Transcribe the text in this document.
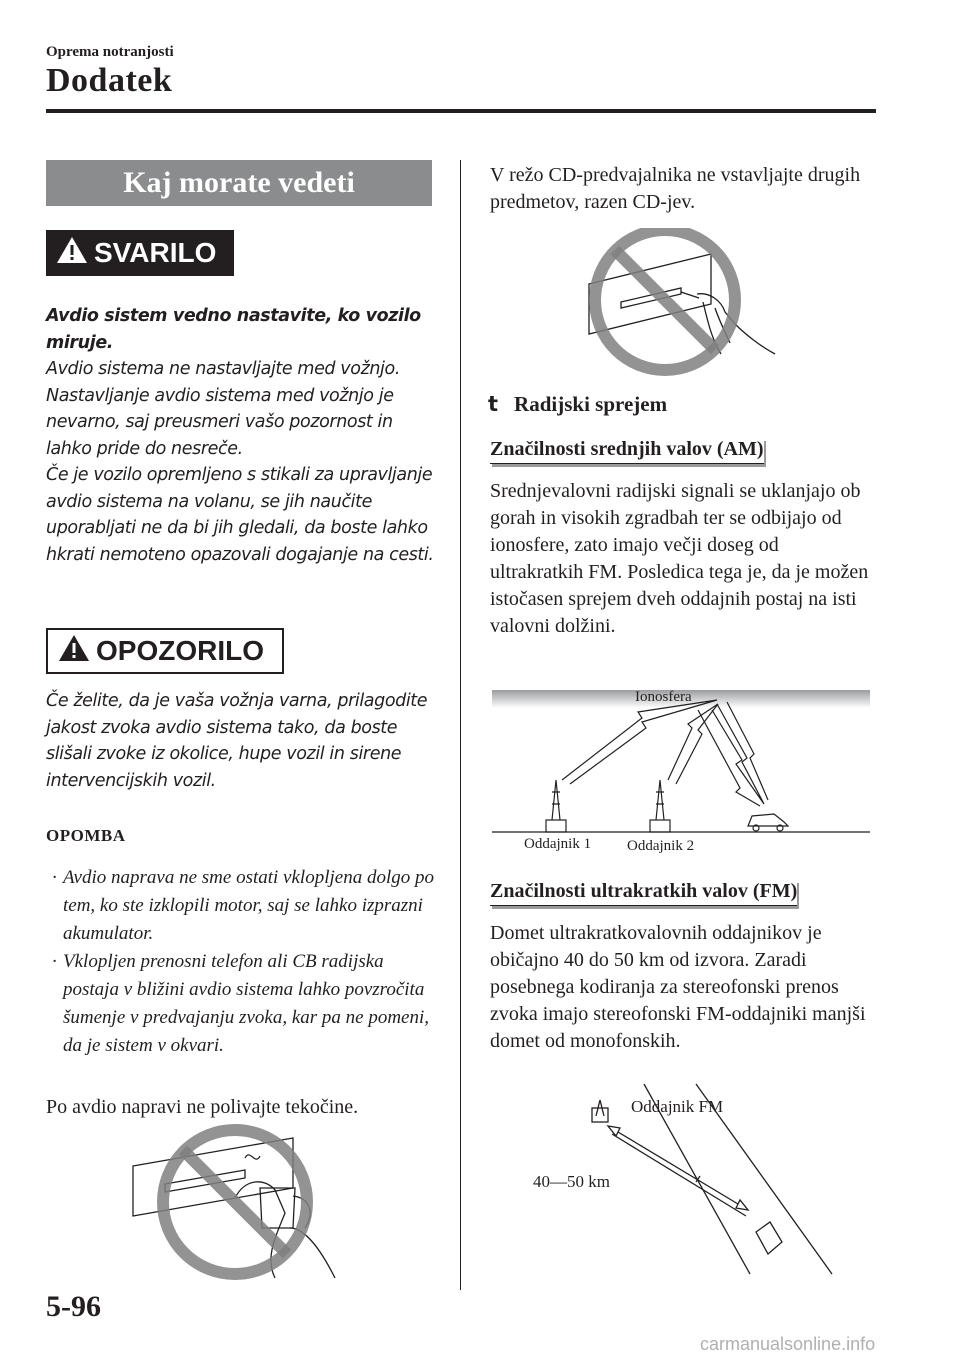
Oprema notranjosti
Dodatek
Kaj morate vedeti
SVARILO

Avdio sistem vedno nastavite, ko vozilo miruje.

Avdio sistema ne nastavljajte med vožnjo. Nastavljanje avdio sistema med vožnjo je nevarno, saj preusmeri vašo pozornost in lahko pride do nesreče.

Če je vozilo opremljeno s stikali za upravljanje avdio sistema na volanu, se jih naučite uporabljati ne da bi jih gledali, da boste lahko hkrati nemoteno opazovali dogajanje na cesti.

OPOZORILO

Če želite, da je vaša vožnja varna, prilagodite jakost zvoka avdio sistema tako, da boste slišali zvoke iz okolice, hupe vozil in sirene intervencijskih vozil.

OPOMBA
· Avdio naprava ne sme ostati vklopljena dolgo po tem, ko ste izklopili motor, saj se lahko izprazni akumulator.
· Vklopljen prenosni telefon ali CB radijska postaja v bližini avdio sistema lahko povzročita šumenje v predvajanju zvoka, kar pa ne pomeni, da je sistem v okvari.

Po avdio napravi ne polivajte tekočine.

V režo CD-predvajalnika ne vstavljajte drugih predmetov, razen CD-jev.

t Radijski sprejem
Značilnosti srednjih valov (AM)

Srednjevalovni radijski signali se uklanjajo ob gorah in visokih zgradbah ter se odbijajo od ionosfere, zato imajo večji doseg od ultrakratkih FM. Posledica tega je, da je možen istočasen sprejem dveh oddajnih postaj na isti valovni dolžini.

Ionosfera
Oddajnik 1 Oddajnik 2
Značilnosti ultrakratkih valov (FM)

Domet ultrakratkovalovnih oddajnikov je običajno 40 do 50 km od izvora. Zaradi posebnega kodiranja za stereofonski prenos zvoka imajo stereofonski FM-oddajniki manjši domet od monofonskih.

Oddajnik FM
40—50 km
5-96
carmanualsonline.info
